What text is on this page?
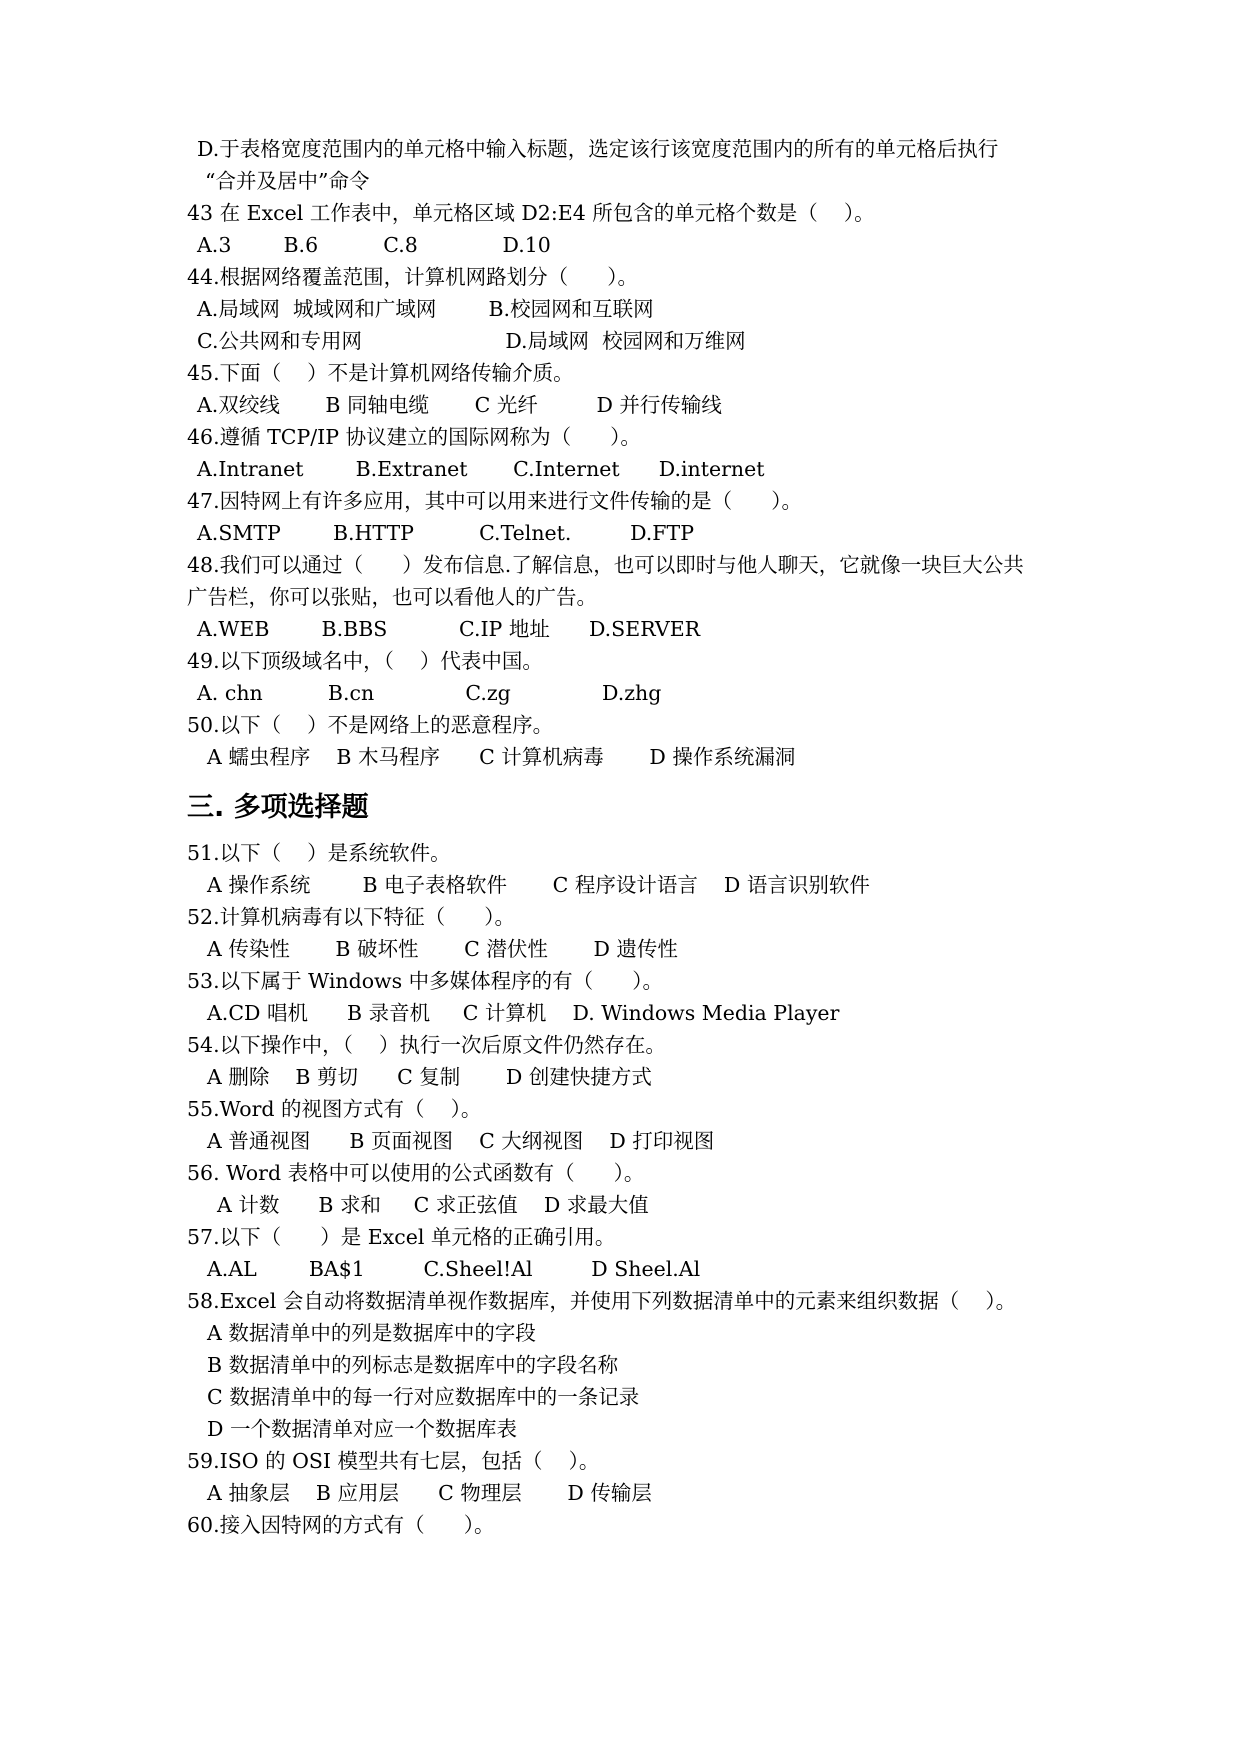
D.于表格宽度范围内的单元格中输入标题，选定该行该宽度范围内的所有的单元格后执行
“合并及居中”命令
43 在 Excel 工作表中，单元格区域 D2:E4 所包含的单元格个数是（    ）。
A.3        B.6          C.8             D.10
44.根据网络覆盖范围，计算机网路划分（      ）。
A.局域网  城域网和广域网        B.校园网和互联网
C.公共网和专用网                      D.局域网  校园网和万维网
45.下面（    ）不是计算机网络传输介质。
A.双绞线       B 同轴电缆       C 光纤         D 并行传输线
46.遵循 TCP/IP 协议建立的国际网称为（      ）。
A.Intranet        B.Extranet       C.Internet      D.internet
47.因特网上有许多应用，其中可以用来进行文件传输的是（      ）。
A.SMTP        B.HTTP          C.Telnet.         D.FTP
48.我们可以通过（      ）发布信息.了解信息，也可以即时与他人聊天，它就像一块巨大公共
广告栏，你可以张贴，也可以看他人的广告。
A.WEB        B.BBS           C.IP 地址      D.SERVER
49.以下顶级域名中，（    ）代表中国。
A. chn          B.cn              C.zg              D.zhg
50.以下（    ）不是网络上的恶意程序。
A 蠕虫程序    B 木马程序      C 计算机病毒       D 操作系统漏洞
三. 多项选择题
51.以下（    ）是系统软件。
A 操作系统        B 电子表格软件       C 程序设计语言    D 语言识别软件
52.计算机病毒有以下特征（      ）。
A 传染性       B 破坏性       C 潜伏性       D 遗传性
53.以下属于 Windows 中多媒体程序的有（      ）。
A.CD 唱机      B 录音机     C 计算机    D. Windows Media Player
54.以下操作中，（    ）执行一次后原文件仍然存在。
A 删除    B 剪切      C 复制       D 创建快捷方式
55.Word 的视图方式有（    ）。
A 普通视图      B 页面视图    C 大纲视图    D 打印视图
56. Word 表格中可以使用的公式函数有（      ）。
A 计数      B 求和     C 求正弦值    D 求最大值
57.以下（      ）是 Excel 单元格的正确引用。
A.AL        BA$1         C.Sheel!Al         D Sheel.Al
58.Excel 会自动将数据清单视作数据库，并使用下列数据清单中的元素来组织数据（    ）。
A 数据清单中的列是数据库中的字段
B 数据清单中的列标志是数据库中的字段名称
C 数据清单中的每一行对应数据库中的一条记录
D 一个数据清单对应一个数据库表
59.ISO 的 OSI 模型共有七层，包括（    ）。
A 抽象层    B 应用层      C 物理层       D 传输层
60.接入因特网的方式有（      ）。
